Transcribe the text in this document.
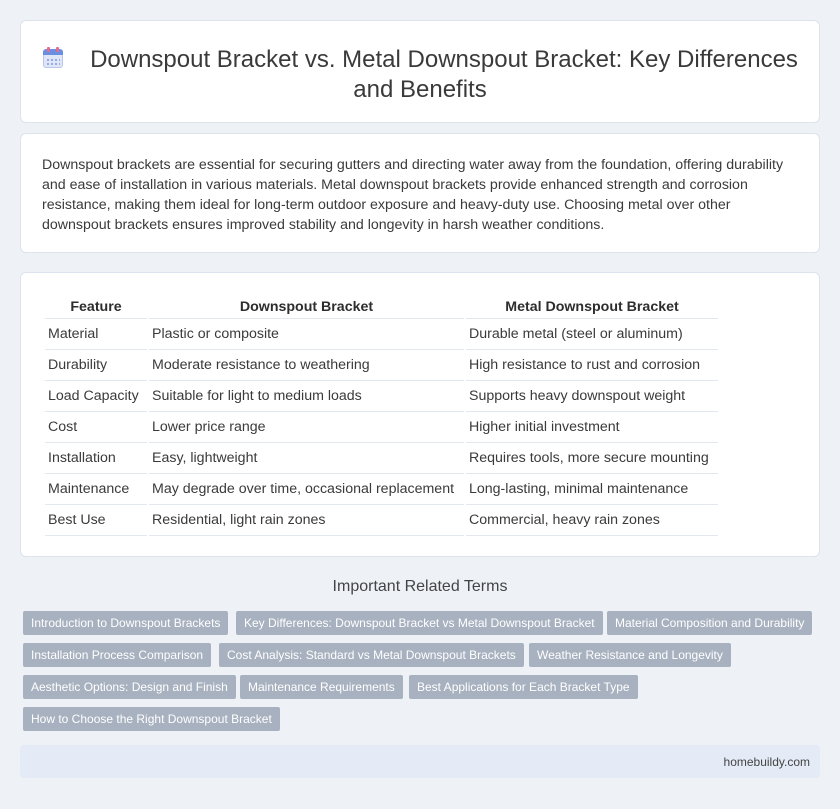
Downspout Bracket vs. Metal Downspout Bracket: Key Differences and Benefits

Downspout brackets are essential for securing gutters and directing water away from the foundation, offering durability and ease of installation in various materials. Metal downspout brackets provide enhanced strength and corrosion resistance, making them ideal for long-term outdoor exposure and heavy-duty use. Choosing metal over other downspout brackets ensures improved stability and longevity in harsh weather conditions.

Feature	Downspout Bracket	Metal Downspout Bracket
Material	Plastic or composite	Durable metal (steel or aluminum)
Durability	Moderate resistance to weathering	High resistance to rust and corrosion
Load Capacity	Suitable for light to medium loads	Supports heavy downspout weight
Cost	Lower price range	Higher initial investment
Installation	Easy, lightweight	Requires tools, more secure mounting
Maintenance	May degrade over time, occasional replacement	Long-lasting, minimal maintenance
Best Use	Residential, light rain zones	Commercial, heavy rain zones
Important Related Terms
Introduction to Downspout Brackets	Key Differences: Downspout Bracket vs Metal Downspout Bracket	Material Composition and Durability
Installation Process Comparison	Cost Analysis: Standard vs Metal Downspout Brackets	Weather Resistance and Longevity
Aesthetic Options: Design and Finish	Maintenance Requirements	Best Applications for Each Bracket Type
How to Choose the Right Downspout Bracket
homebuildy.com
